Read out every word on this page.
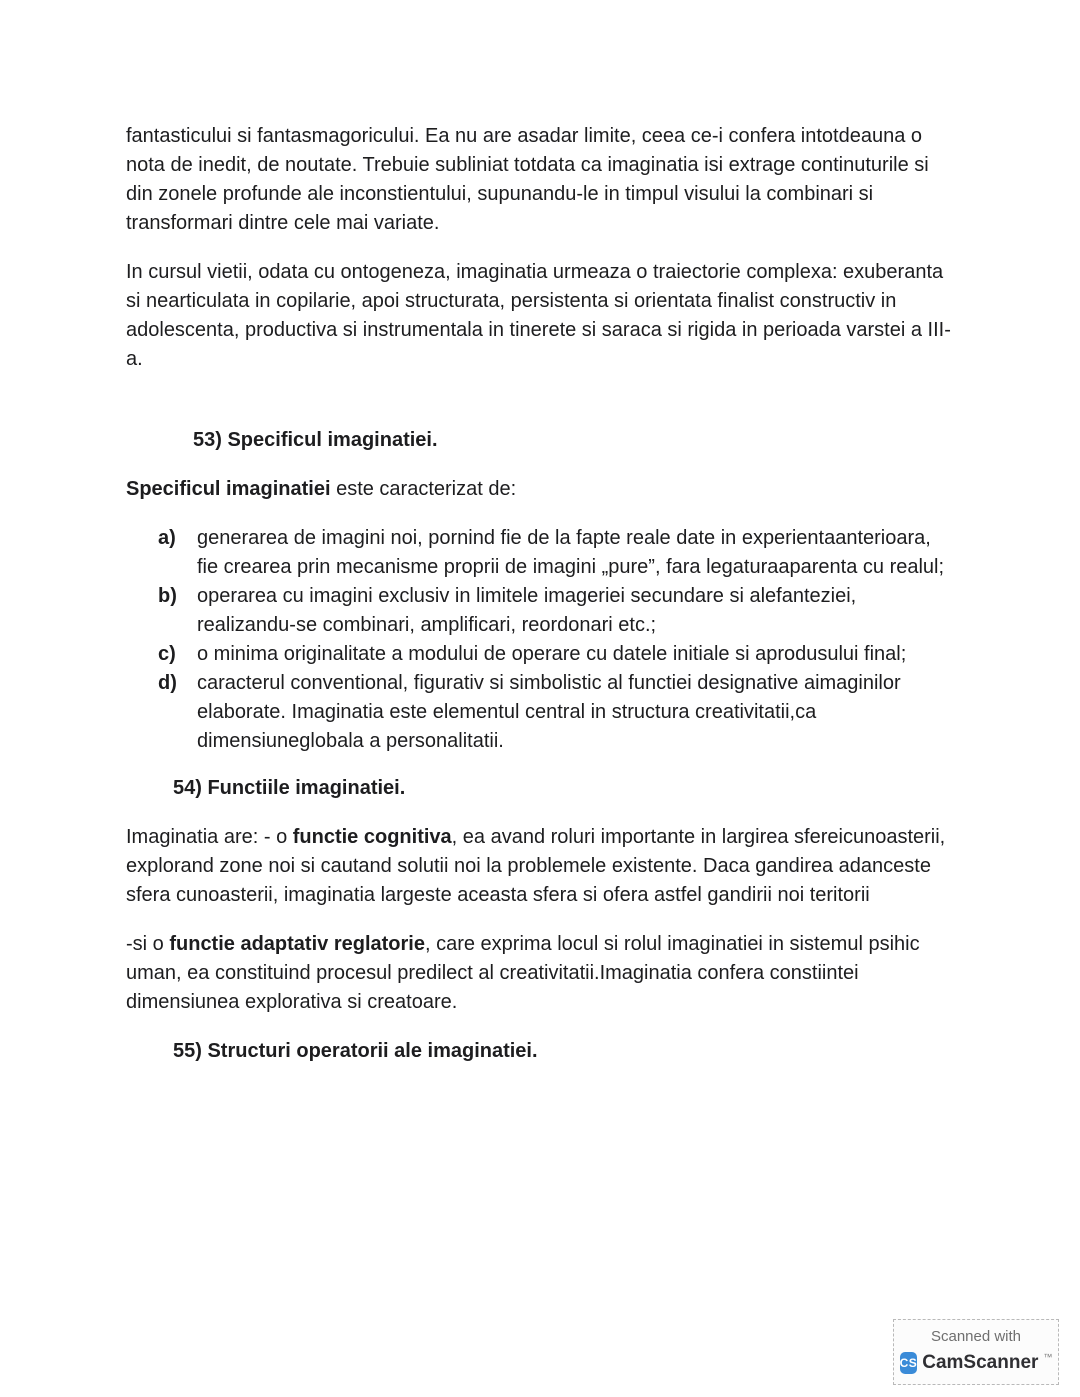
fantasticului si fantasmagoricului. Ea nu are asadar limite, ceea ce-i confera intotdeauna o nota de inedit, de noutate. Trebuie subliniat totdata ca imaginatia isi extrage continuturile si din zonele profunde ale inconstientului, supunandu-le in timpul visului la combinari si transformari dintre cele mai variate.

In cursul vietii, odata cu ontogeneza, imaginatia urmeaza o traiectorie complexa: exuberanta si nearticulata in copilarie, apoi structurata, persistenta si orientata finalist constructiv in adolescenta, productiva si instrumentala in tinerete si saraca si rigida in perioada varstei a III-a.

53) Specificul imaginatiei.

Specificul imaginatiei este caracterizat de:

a)	generarea de imagini noi, pornind fie de la fapte reale date in experientaanterioara, fie crearea prin mecanisme proprii de imagini „pure”, fara legaturaaparenta cu realul;
b)	operarea cu imagini exclusiv in limitele imageriei secundare si alefanteziei, realizandu-se combinari, amplificari, reordonari etc.;
c)	o minima originalitate a modului de operare cu datele initiale si aprodusului final;
d)	caracterul conventional, figurativ si simbolistic al functiei designative aimaginilor elaborate. Imaginatia este elementul central in structura creativitatii,ca dimensiuneglobala a personalitatii.

54) Functiile imaginatiei.

Imaginatia are: - o functie cognitiva, ea avand roluri importante in largirea sfereicunoasterii, explorand zone noi si cautand solutii noi la problemele existente. Daca gandirea adanceste sfera cunoasterii, imaginatia largeste aceasta sfera si ofera astfel gandirii noi teritorii

-si o functie adaptativ reglatorie, care exprima locul si rolul imaginatiei in sistemul psihic uman, ea constituind procesul predilect al creativitatii.Imaginatia confera constiintei dimensiunea explorativa si creatoare.

55) Structuri operatorii ale imaginatiei.

Scanned with
CS CamScanner ™
